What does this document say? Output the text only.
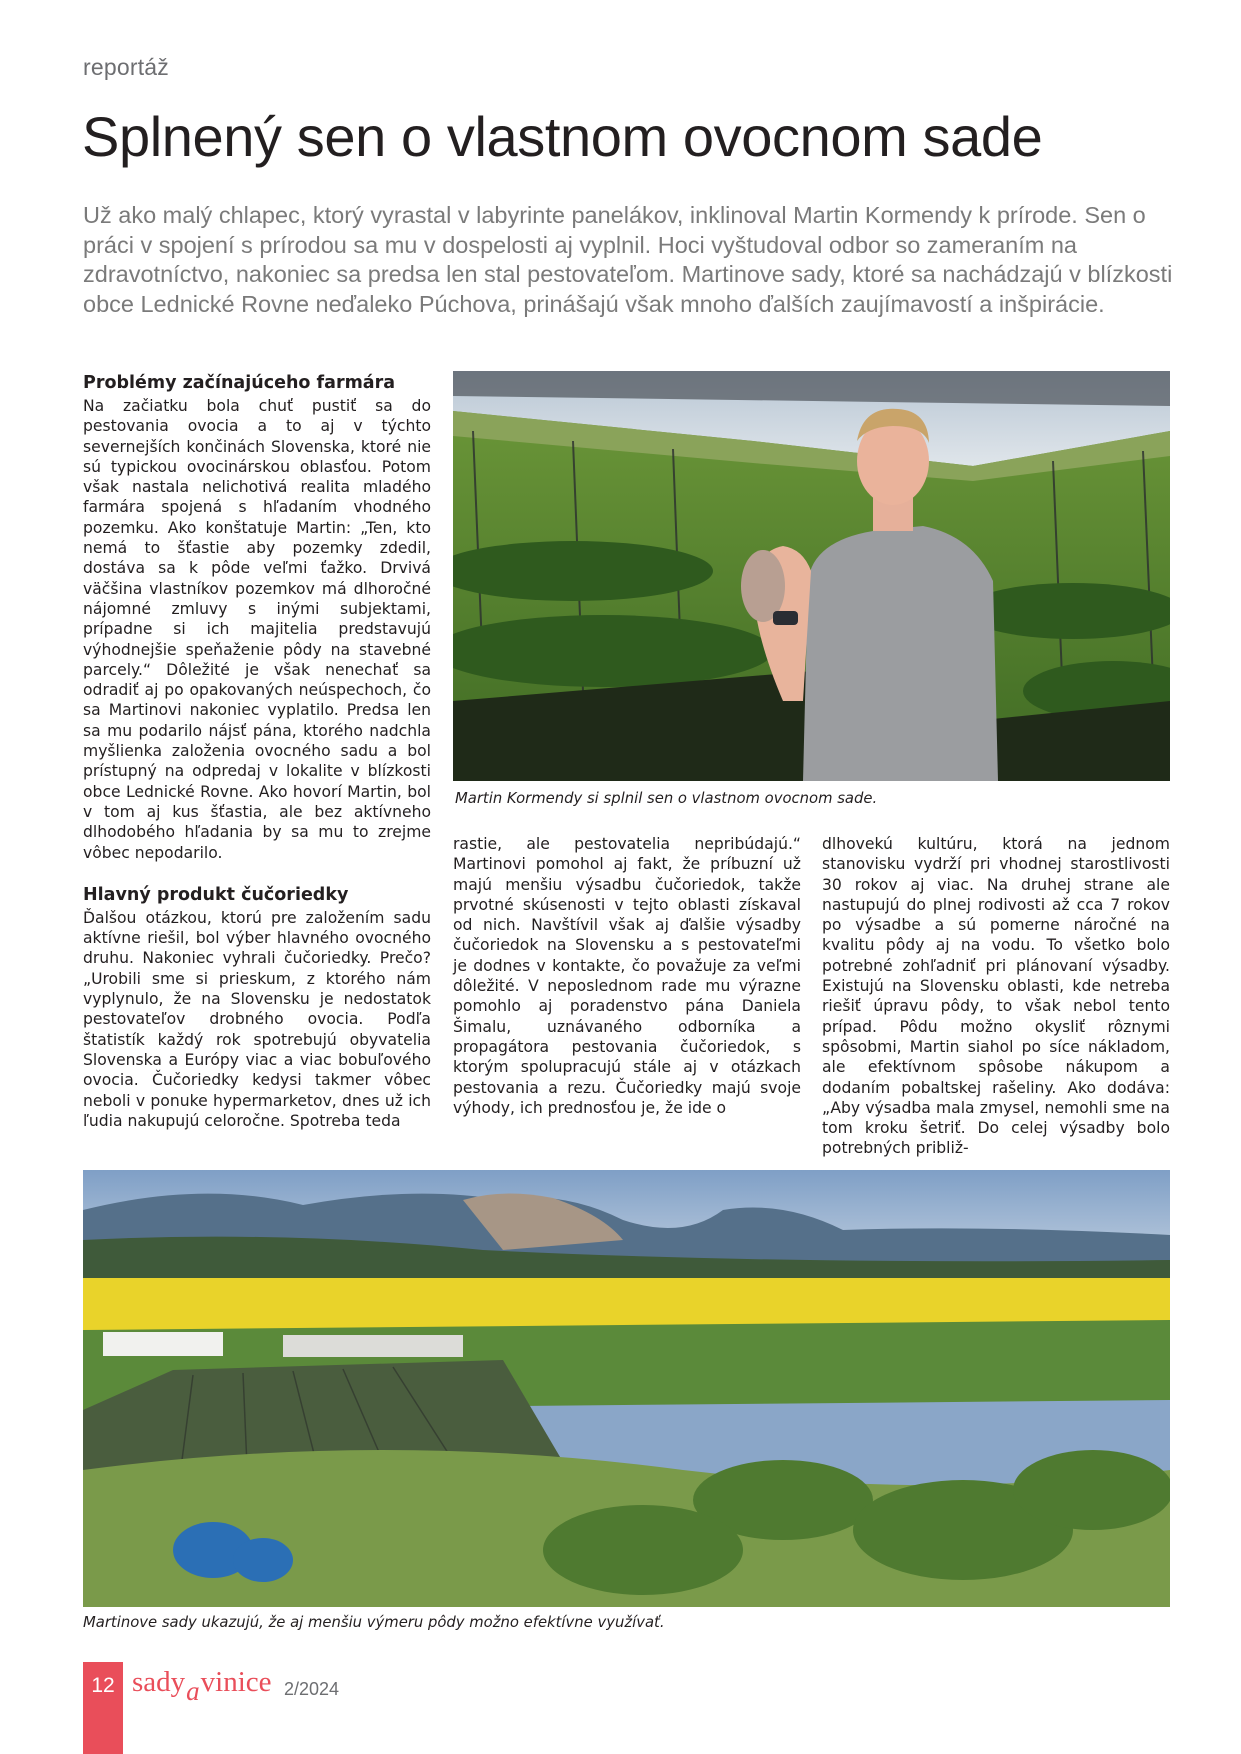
reportáž
Splnený sen o vlastnom ovocnom sade

Už ako malý chlapec, ktorý vyrastal v labyrinte panelákov, inklinoval Martin Kormendy k prírode. Sen o práci v spojení s prírodou sa mu v dospelosti aj vyplnil. Hoci vyštudoval odbor so zameraním na zdravotníctvo, nakoniec sa predsa len stal pestovateľom. Martinove sady, ktoré sa nachádzajú v blízkosti obce Lednické Rovne neďaleko Púchova, prinášajú však mnoho ďalších zaujímavostí a inšpirácie.

Problémy začínajúceho farmára

Na začiatku bola chuť pustiť sa do pestovania ovocia a to aj v týchto severnejších končinách Slovenska, ktoré nie sú typickou ovocinárskou oblasťou. Potom však nastala nelichotivá realita mladého farmára spojená s hľadaním vhodného pozemku. Ako konštatuje Martin: „Ten, kto nemá to šťastie aby pozemky zdedil, dostáva sa k pôde veľmi ťažko. Drvivá väčšina vlastníkov pozemkov má dlhoročné nájomné zmluvy s inými subjektami, prípadne si ich majitelia predstavujú výhodnejšie speňaženie pôdy na stavebné parcely.“ Dôležité je však nenechať sa odradiť aj po opakovaných neúspechoch, čo sa Martinovi nakoniec vyplatilo. Predsa len sa mu podarilo nájsť pána, ktorého nadchla myšlienka založenia ovocného sadu a bol prístupný na odpredaj v lokalite v blízkosti obce Lednické Rovne. Ako hovorí Martin, bol v tom aj kus šťastia, ale bez aktívneho dlhodobého hľadania by sa mu to zrejme vôbec nepodarilo.

Hlavný produkt čučoriedky

Ďalšou otázkou, ktorú pre založením sadu aktívne riešil, bol výber hlavného ovocného druhu. Nakoniec vyhrali čučoriedky. Prečo? „Urobili sme si prieskum, z ktorého nám vyplynulo, že na Slovensku je nedostatok pestovateľov drobného ovocia. Podľa štatistík každý rok spotrebujú obyvatelia Slovenska a Európy viac a viac bobuľového ovocia. Čučoriedky kedysi takmer vôbec neboli v ponuke hypermarketov, dnes už ich ľudia nakupujú celoročne. Spotreba teda

Martin Kormendy si splnil sen o vlastnom ovocnom sade.
Martinove sady ukazujú, že aj menšiu výmeru pôdy možno efektívne využívať.
12 sadyavinice 2/2024

rastie, ale pestovatelia nepribúdajú.“ Martinovi pomohol aj fakt, že príbuzní už majú menšiu výsadbu čučoriedok, takže prvotné skúsenosti v tejto oblasti získaval od nich. Navštívil však aj ďalšie výsadby čučoriedok na Slovensku a s pestovateľmi je dodnes v kontakte, čo považuje za veľmi dôležité. V neposlednom rade mu výrazne pomohlo aj poradenstvo pána Daniela Šimalu, uznávaného odborníka a propagátora pestovania čučoriedok, s ktorým spolupracujú stále aj v otázkach pestovania a rezu. Čučoriedky majú svoje výhody, ich prednosťou je, že ide o

dlhovekú kultúru, ktorá na jednom stanovisku vydrží pri vhodnej starostlivosti 30 rokov aj viac. Na druhej strane ale nastupujú do plnej rodivosti až cca 7 rokov po výsadbe a sú pomerne náročné na kvalitu pôdy aj na vodu. To všetko bolo potrebné zohľadniť pri plánovaní výsadby. Existujú na Slovensku oblasti, kde netreba riešiť úpravu pôdy, to však nebol tento prípad. Pôdu možno okysliť rôznymi spôsobmi, Martin siahol po síce nákladom, ale efektívnom spôsobe nákupom a dodaním pobaltskej rašeliny. Ako dodáva: „Aby výsadba mala zmysel, nemohli sme na tom kroku šetriť. Do celej výsadby bolo potrebných približ-
